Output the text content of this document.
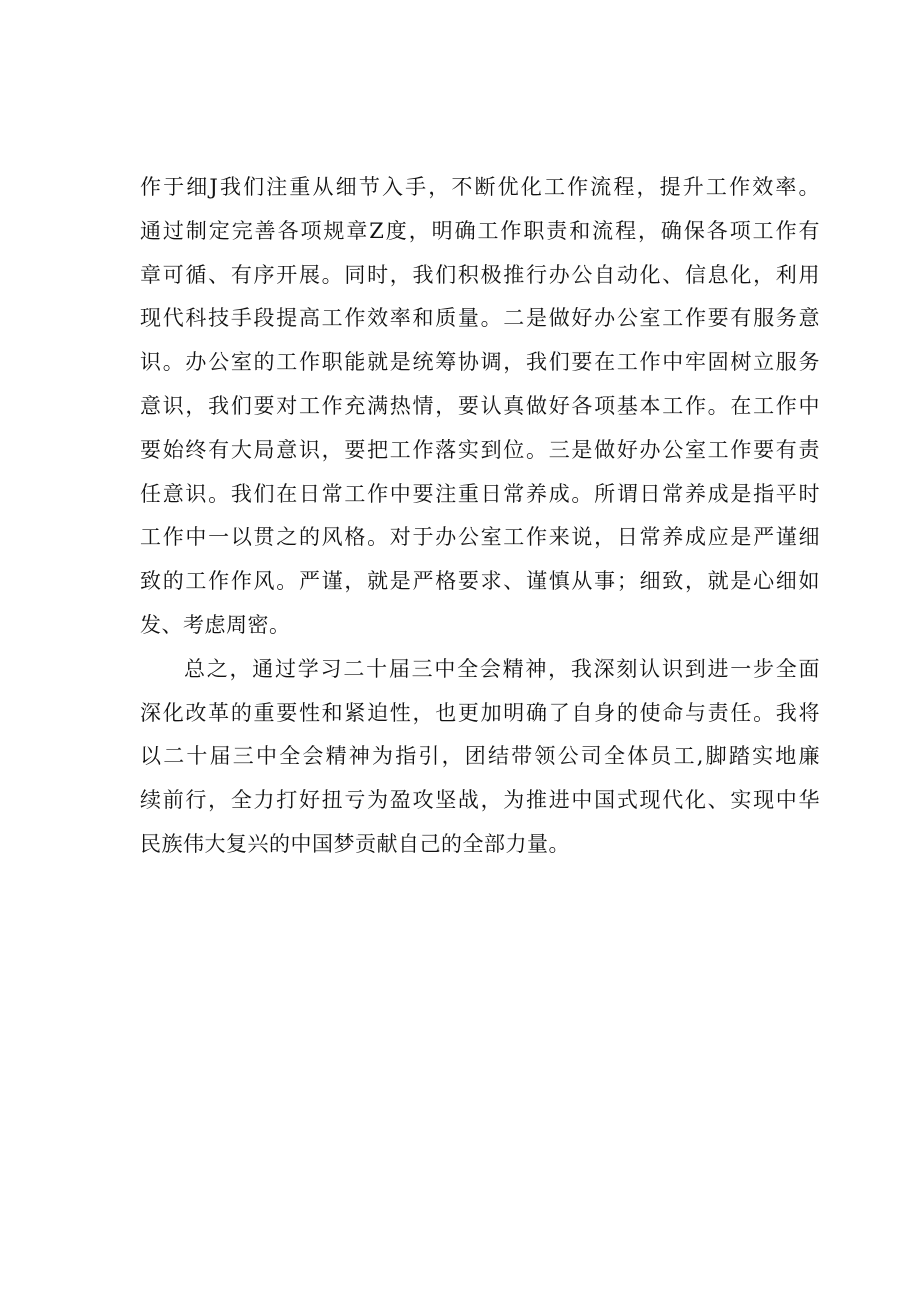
作于细J我们注重从细节入手，不断优化工作流程，提升工作效率。
通过制定完善各项规章Z度，明确工作职责和流程，确保各项工作有
章可循、有序开展。同时，我们积极推行办公自动化、信息化，利用
现代科技手段提高工作效率和质量。二是做好办公室工作要有服务意
识。办公室的工作职能就是统筹协调，我们要在工作中牢固树立服务
意识，我们要对工作充满热情，要认真做好各项基本工作。在工作中
要始终有大局意识，要把工作落实到位。三是做好办公室工作要有责
任意识。我们在日常工作中要注重日常养成。所谓日常养成是指平时
工作中一以贯之的风格。对于办公室工作来说，日常养成应是严谨细
致的工作作风。严谨，就是严格要求、谨慎从事；细致，就是心细如
发、考虑周密。
总之，通过学习二十届三中全会精神，我深刻认识到进一步全面
深化改革的重要性和紧迫性，也更加明确了自身的使命与责任。我将
以二十届三中全会精神为指引，团结带领公司全体员工,脚踏实地廉
续前行，全力打好扭亏为盈攻坚战，为推进中国式现代化、实现中华
民族伟大复兴的中国梦贡献自己的全部力量。
